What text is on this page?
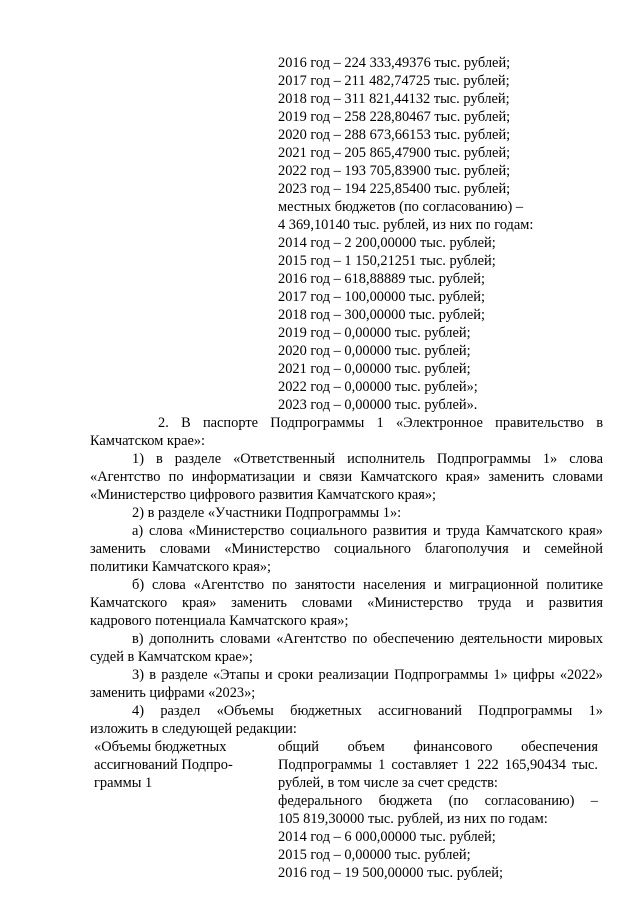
2016 год – 224 333,49376 тыс. рублей;
2017 год – 211 482,74725 тыс. рублей;
2018 год – 311 821,44132 тыс. рублей;
2019 год – 258 228,80467 тыс. рублей;
2020 год – 288 673,66153 тыс. рублей;
2021 год – 205 865,47900 тыс. рублей;
2022 год – 193 705,83900 тыс. рублей;
2023 год – 194 225,85400 тыс. рублей;
местных бюджетов (по согласованию) –
4 369,10140 тыс. рублей, из них по годам:
2014 год – 2 200,00000 тыс. рублей;
2015 год – 1 150,21251 тыс. рублей;
2016 год – 618,88889 тыс. рублей;
2017 год – 100,00000 тыс. рублей;
2018 год – 300,00000 тыс. рублей;
2019 год – 0,00000 тыс. рублей;
2020 год – 0,00000 тыс. рублей;
2021 год – 0,00000 тыс. рублей;
2022 год – 0,00000 тыс. рублей»;
2023 год – 0,00000 тыс. рублей».
2. В паспорте Подпрограммы 1 «Электронное правительство в
Камчатском крае»:
1) в разделе «Ответственный исполнитель Подпрограммы 1» слова
«Агентство по информатизации и связи Камчатского края» заменить словами
«Министерство цифрового развития Камчатского края»;
2) в разделе «Участники Подпрограммы 1»:
а) слова «Министерство социального развития и труда Камчатского края»
заменить словами «Министерство социального благополучия и семейной
политики Камчатского края»;
б) слова «Агентство по занятости населения и миграционной политике
Камчатского края» заменить словами «Министерство труда и развития
кадрового потенциала Камчатского края»;
в) дополнить словами «Агентство по обеспечению деятельности мировых
судей в Камчатском крае»;
3) в разделе «Этапы и сроки реализации Подпрограммы 1» цифры «2022»
заменить цифрами «2023»;
4) раздел «Объемы бюджетных ассигнований Подпрограммы 1»
изложить в следующей редакции:
«Объемы бюджетных
ассигнований Подпро-
граммы 1
общий объем финансового обеспечения
Подпрограммы 1 составляет 1 222 165,90434 тыс.
рублей, в том числе за счет средств:
федерального бюджета (по согласованию) –
105 819,30000 тыс. рублей, из них по годам:
2014 год – 6 000,00000 тыс. рублей;
2015 год – 0,00000 тыс. рублей;
2016 год – 19 500,00000 тыс. рублей;
